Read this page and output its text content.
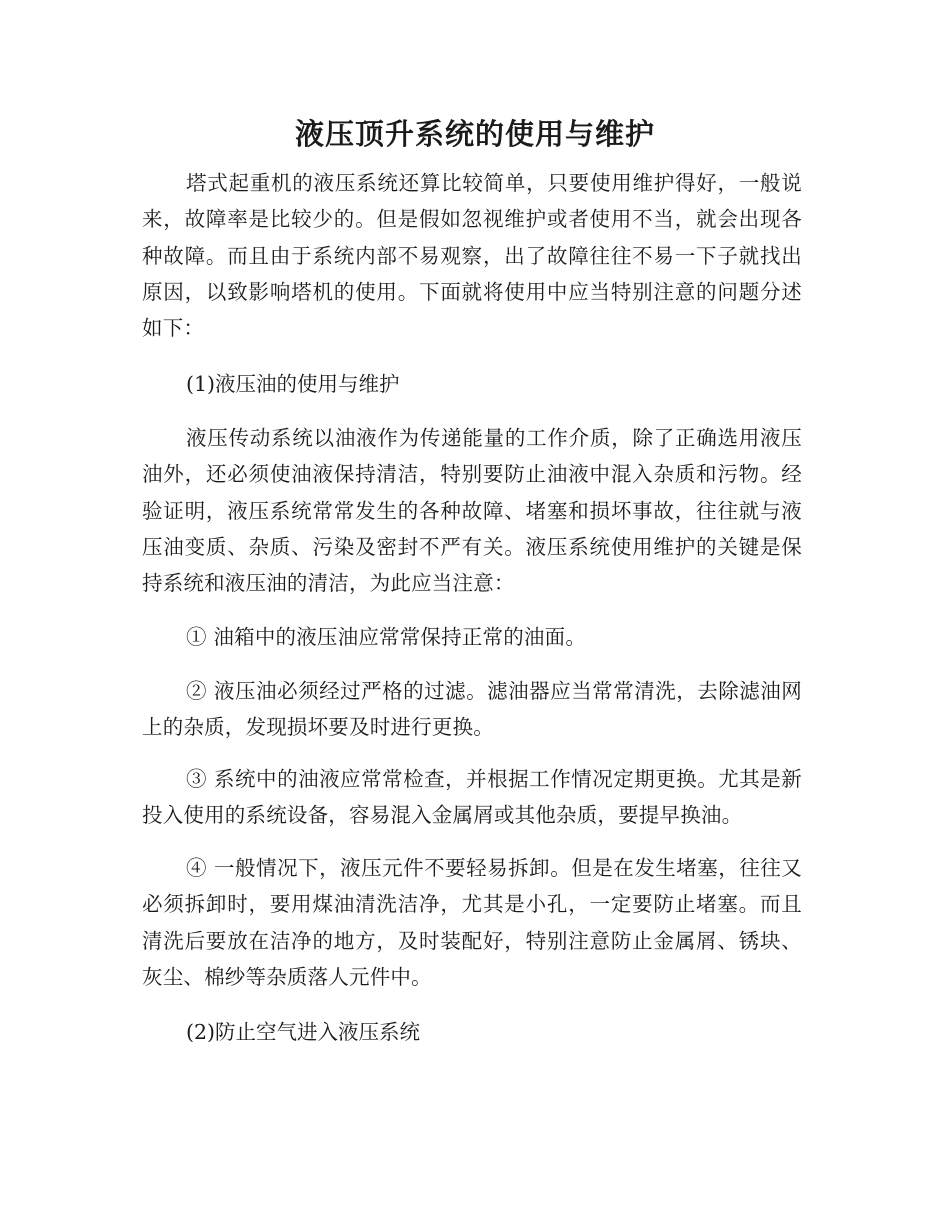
液压顶升系统的使用与维护

塔式起重机的液压系统还算比较简单，只要使用维护得好，一般说来，故障率是比较少的。但是假如忽视维护或者使用不当，就会出现各种故障。而且由于系统内部不易观察，出了故障往往不易一下子就找出原因，以致影响塔机的使用。下面就将使用中应当特别注意的问题分述如下：

(1)液压油的使用与维护

液压传动系统以油液作为传递能量的工作介质，除了正确选用液压油外，还必须使油液保持清洁，特别要防止油液中混入杂质和污物。经验证明，液压系统常常发生的各种故障、堵塞和损坏事故，往往就与液压油变质、杂质、污染及密封不严有关。液压系统使用维护的关键是保持系统和液压油的清洁，为此应当注意：

① 油箱中的液压油应常常保持正常的油面。

② 液压油必须经过严格的过滤。滤油器应当常常清洗，去除滤油网上的杂质，发现损坏要及时进行更换。

③ 系统中的油液应常常检查，并根据工作情况定期更换。尤其是新投入使用的系统设备，容易混入金属屑或其他杂质，要提早换油。

④ 一般情况下，液压元件不要轻易拆卸。但是在发生堵塞，往往又必须拆卸时，要用煤油清洗洁净，尤其是小孔，一定要防止堵塞。而且清洗后要放在洁净的地方，及时装配好，特别注意防止金属屑、锈块、灰尘、棉纱等杂质落人元件中。

(2)防止空气进入液压系统
